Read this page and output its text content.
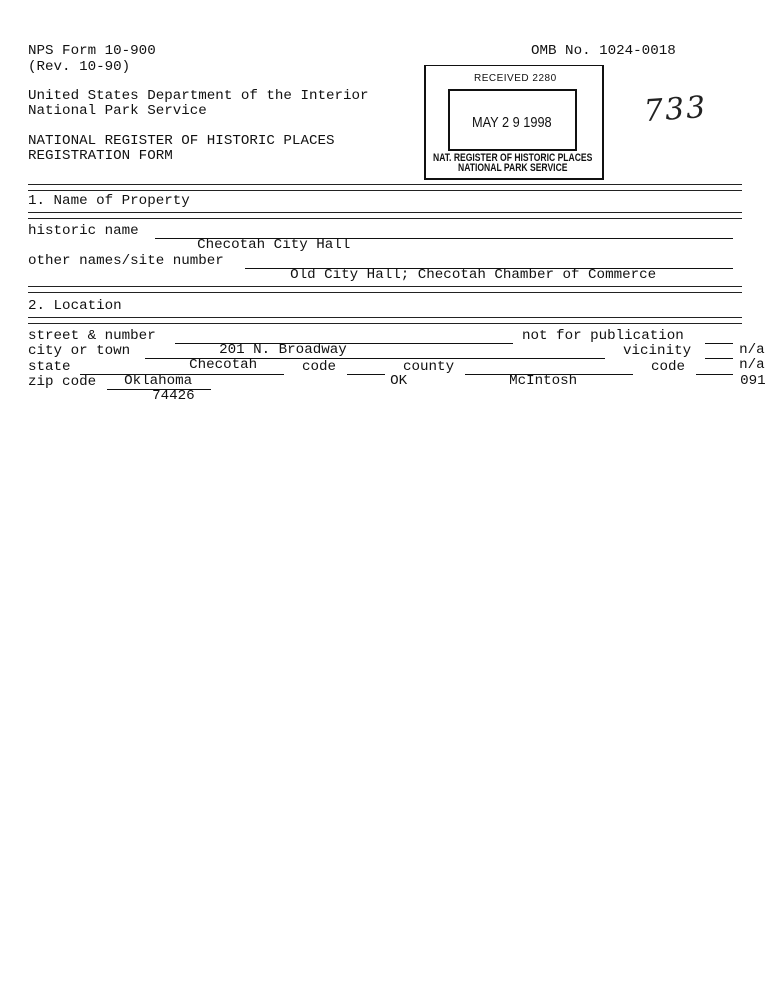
NPS Form 10-900
(Rev. 10-90)
OMB No. 1024-0018
United States Department of the Interior
National Park Service
NATIONAL REGISTER OF HISTORIC PLACES
REGISTRATION FORM
RECEIVED 2280
MAY 2 9 1998
NAT. REGISTER OF HISTORIC PLACES
NATIONAL PARK SERVICE
733
1. Name of Property
historic name

Checotah City Hall

other names/site number

Old City Hall; Checotah Chamber of Commerce

2. Location
street & number

201 N. Broadway

not for publication

n/a

city or town

Checotah

vicinity

n/a

state

Oklahoma

code

OK

county

McIntosh

code

091

zip code

74426
